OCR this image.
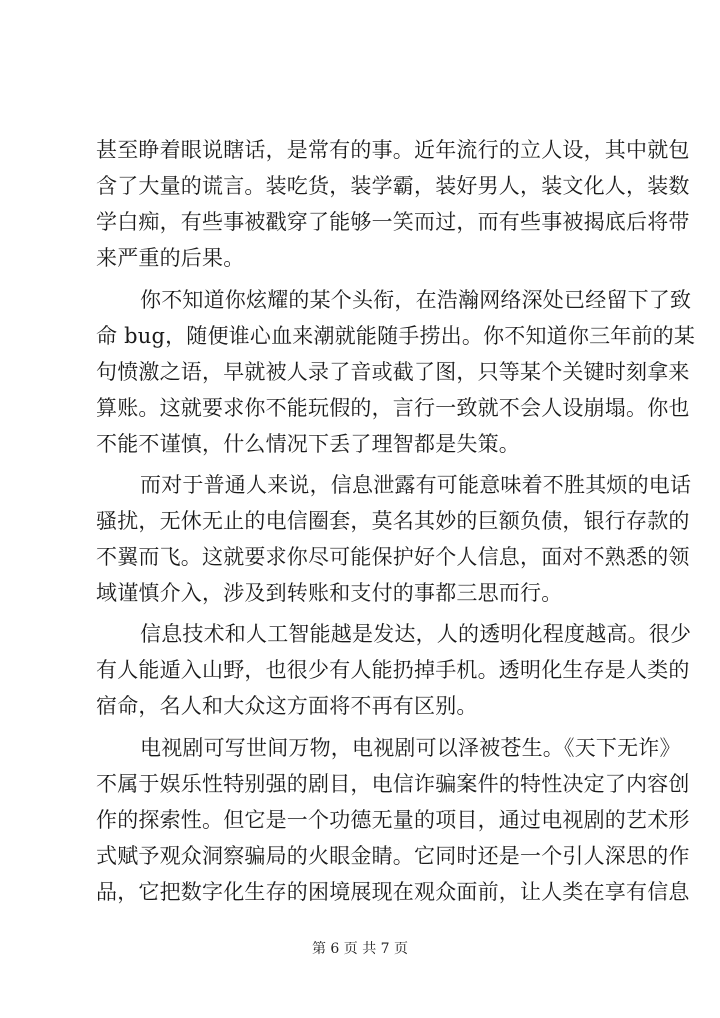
甚至睁着眼说瞎话，是常有的事。近年流行的立人设，其中就包
含了大量的谎言。装吃货，装学霸，装好男人，装文化人，装数
学白痴，有些事被戳穿了能够一笑而过，而有些事被揭底后将带
来严重的后果。
你不知道你炫耀的某个头衔，在浩瀚网络深处已经留下了致
命 bug，随便谁心血来潮就能随手捞出。你不知道你三年前的某
句愤激之语，早就被人录了音或截了图，只等某个关键时刻拿来
算账。这就要求你不能玩假的，言行一致就不会人设崩塌。你也
不能不谨慎，什么情况下丢了理智都是失策。
而对于普通人来说，信息泄露有可能意味着不胜其烦的电话
骚扰，无休无止的电信圈套，莫名其妙的巨额负债，银行存款的
不翼而飞。这就要求你尽可能保护好个人信息，面对不熟悉的领
域谨慎介入，涉及到转账和支付的事都三思而行。
信息技术和人工智能越是发达，人的透明化程度越高。很少
有人能遁入山野，也很少有人能扔掉手机。透明化生存是人类的
宿命，名人和大众这方面将不再有区别。
电视剧可写世间万物，电视剧可以泽被苍生。《天下无诈》
不属于娱乐性特别强的剧目，电信诈骗案件的特性决定了内容创
作的探索性。但它是一个功德无量的项目，通过电视剧的艺术形
式赋予观众洞察骗局的火眼金睛。它同时还是一个引人深思的作
品，它把数字化生存的困境展现在观众面前，让人类在享有信息
第 6 页 共 7 页
